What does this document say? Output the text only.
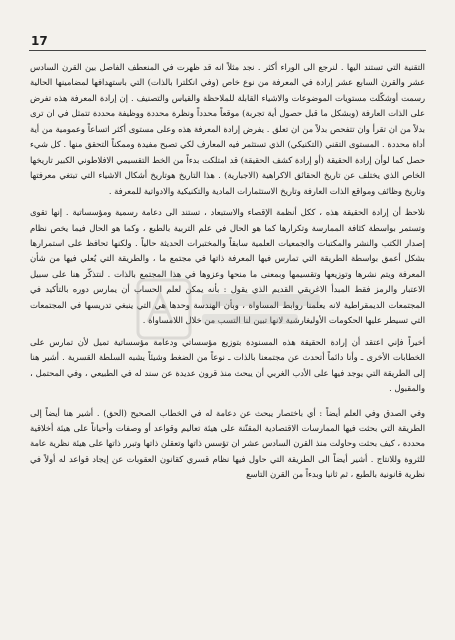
17

التقنية التي تستند اليها . لنرجع الى الوراء أكثر . نجد مثلاً انه قد ظهرت في المنعطف الفاصل بين القرن السادس عشر والقرن السابع عشر إرادة في المعرفة من نوع خاص (وفي انكلترا بالذات) التي باستهدافها لمضامينها الحالية رسمت أوشكّلت مستويات الموضوعات والاشياء القابلة للملاحظة والقياس والتصنيف . إن إرادة المعرفة هذه تفرض على الذات العارفة (وبشكل ما قبل حصول أية تجربة) موقعاً محدداً ونظرة محددة ووظيفة محددة تتمثل في ان ترى بدلاً من ان تقرأ وان تتفحص بدلاً من ان تعلق . يفرض إرادة المعرفة هذه وعلى مستوى أكثر اتساعاً وعمومية من أية أداة محددة . المستوى التقني (التكنيكي) الذي تستثمر فيه المعارف لكي تصبح مفيدة وممكناً التحقق منها . كل شيء حصل كما لوأن إرادة الحقيقة (أو إرادة كشف الحقيقة) قد امتلكت بدءاً من الخط التقسيمي الافلاطوني الكبير تاريخها الخاص الذي يختلف عن تاريخ الحقائق الاكراهية (الاجبارية) . هذا التاريخ هوتاريخ أشكال الاشياء التي تبتغي معرفتها وتاريخ وظائف ومواقع الذات العارفة وتاريخ الاستثمارات المادية والتكنيكية والادواتية للمعرفة .

نلاحظ أن إرادة الحقيقة هذه ، ككل أنظمة الإقصاء والاستبعاد ، تستند الى دعامة رسمية ومؤسساتية . إنها تقوى وتستمر بواسطة كثافة الممارسة وتكرارها كما هو الحال في علم التربية بالطبع ، وكما هو الحال فيما يخص نظام إصدار الكتب والنشر والمكتبات والجمعيات العلمية سابقاً والمختبرات الحديثة حالياً . ولكنها تحافظ على استمرارها بشكل أعمق بواسطة الطريقة التي تمارس فيها المعرفة ذاتها في مجتمع ما ، والطريقة التي يُعلي فيها من شأن المعرفة ويتم نشرها وتوزيعها وتقسيمها وبمعنى ما منحها وعزوها في هذا المجتمع بالذات . لنتذكّر هنا على سبيل الاعتبار والرمز فقط المبدأ الاغريقي القديم الذي يقول : بأنه يمكن لعلم الحساب أن يمارس دوره بالتأكيد في المجتمعات الديمقراطية لانه يعلمنا روابط المساواة ، وبأن الهندسة وحدها هي التي ينبغي تدريسها في المجتمعات التي تسيطر عليها الحكومات الأوليغارشية لانها تبين لنا التسب من خلال اللامساواة .

أخيراً فإني اعتقد أن إرادة الحقيقة هذه المسنودة بتوزيع مؤسساتي ودعامة مؤسساتية تميل لأن تمارس على الخطابات الأخرى ـ وأنا دائماً أتحدث عن مجتمعنا بالذات ـ نوعاً من الضغط وشيئاً يشبه السلطة القسرية . أشير هنا إلى الطريقة التي يوجد فيها على الأدب الغربي أن يبحث منذ قرون عديدة عن سند له في الطبيعي ، وفي المحتمل ، والمقبول .

وفي الصدق وفي العلم أيضاً : أي باختصار يبحث عن دعامة له في الخطاب الصحيح (الحق) . أشير هنا أيضاً إلى الطريقة التي بحثت فيها الممارسات الاقتصادية المقنّنة على هيئة تعاليم وقواعد أو وصفات وأحياناً على هيئة أخلاقية محددة ، كيف بحثت وحاولت منذ القرن السادس عشر ان تؤسس ذاتها وتعقلن ذاتها وتبرر ذاتها على هيئة نظرية عامة للثروة وللانتاج . أشير أيضاً الى الطريقة التي حاول فيها نظام قسري كقانون العقوبات عن إيجاد قواعد له أولاً في نظرية قانونية بالطبع ، ثم ثانيا وبدءاً من القرن التاسع
